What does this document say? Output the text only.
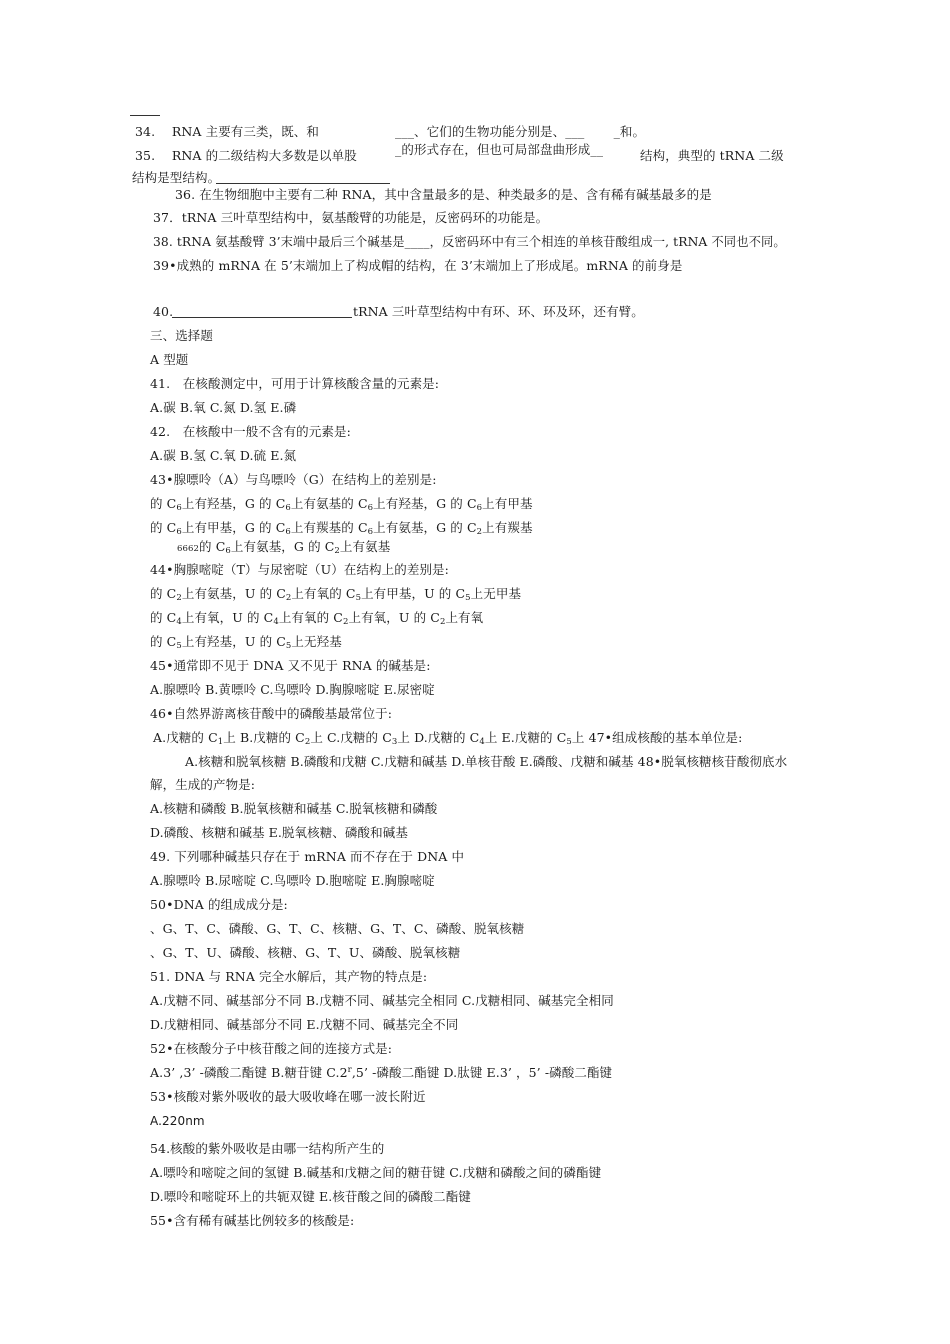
34.　 RNA 主要有三类，既、和	___、它们的生物功能分别是、___　　 _和。
35.　 RNA 的二级结构大多数是以单股	_的形式存在，但也可局部盘曲形成__	结构，典型的 tRNA 二级
结构是型结构。
36. 在生物细胞中主要有二种 RNA，其中含量最多的是、种类最多的是、含有稀有碱基最多的是
37．tRNA 三叶草型结构中，氨基酸臂的功能是，反密码环的功能是。
38. tRNA 氨基酸臂 3’末端中最后三个碱基是____，反密码环中有三个相连的单核苷酸组成一, tRNA 不同也不同。
39•成熟的 mRNA 在 5’末端加上了构成帽的结构，在 3’末端加上了形成尾。mRNA 的前身是
40.	tRNA 三叶草型结构中有环、环、环及环，还有臂。
三、选择题
A 型题
41.　在核酸测定中，可用于计算核酸含量的元素是:
A.碳 B.氧 C.氮 D.氢 E.磷
42.　在核酸中一般不含有的元素是:
A.碳 B.氢 C.氧 D.硫 E.氮
43•腺嘌呤（A）与鸟嘌呤（G）在结构上的差别是:
的 $C_6$上有羟基，G 的 $C_6$上有氨基的 $C_6$上有羟基，G 的 $C_6$上有甲基
的 $C_6$上有甲基，G 的 $C_6$上有羰基的 $C_6$上有氨基，G 的 $C_2$上有羰基
6662的 $C_6$上有氨基，G 的 $C_2$上有氨基
44•胸腺嘧啶（T）与尿密啶（U）在结构上的差别是:
的 $C_2$上有氨基，U 的 $C_2$上有氧的 $C_5$上有甲基，U 的 $C_5$上无甲基
的 $C_4$上有氧，U 的 $C_4$上有氧的 $C_2$上有氧，U 的 $C_2$上有氧
的 $C_5$上有羟基，U 的 $C_5$上无羟基
45•通常即不见于 DNA 又不见于 RNA 的碱基是:
A.腺嘌呤 B.黄嘌呤 C.鸟嘌呤 D.胸腺嘧啶 E.尿密啶
46•自然界游离核苷酸中的磷酸基最常位于:
A.戊糖的 $C_1$上 B.戊糖的 $C_2$上 C.戊糖的 $C_3$上 D.戊糖的 $C_4$上 E.戊糖的 $C_5$上 47•组成核酸的基本单位是:
A.核糖和脱氧核糖 B.磷酸和戊糖 C.戊糖和碱基 D.单核苷酸 E.磷酸、戊糖和碱基 48•脱氧核糖核苷酸彻底水
解，生成的产物是:
A.核糖和磷酸 B.脱氧核糖和碱基 C.脱氧核糖和磷酸
D.磷酸、核糖和碱基 E.脱氧核糖、磷酸和碱基
49. 下列哪种碱基只存在于 mRNA 而不存在于 DNA 中
A.腺嘌呤 B.尿嘧啶 C.鸟嘌呤 D.胞嘧啶 E.胸腺嘧啶
50•DNA 的组成成分是:
、G、T、C、磷酸、G、T、C、核糖、G、T、C、磷酸、脱氧核糖
、G、T、U、磷酸、核糖、G、T、U、磷酸、脱氧核糖
51. DNA 与 RNA 完全水解后，其产物的特点是:
A.戊糖不同、碱基部分不同 B.戊糖不同、碱基完全相同 C.戊糖相同、碱基完全相同
D.戊糖相同、碱基部分不同 E.戊糖不同、碱基完全不同
52•在核酸分子中核苷酸之间的连接方式是:
A.3’ ,3’ -磷酸二酯键 B.糖苷键 C.2$^r$,5’ -磷酸二酯键 D.肽键 E.3’ ，5’ -磷酸二酯键
53•核酸对紫外吸收的最大吸收峰在哪一波长附近
A.220nm
54.核酸的紫外吸收是由哪一结构所产生的
A.嘌呤和嘧啶之间的氢键 B.碱基和戊糖之间的糖苷键 C.戊糖和磷酸之间的磷酯键
D.嘌呤和嘧啶环上的共轭双键 E.核苷酸之间的磷酸二酯键
55•含有稀有碱基比例较多的核酸是:
